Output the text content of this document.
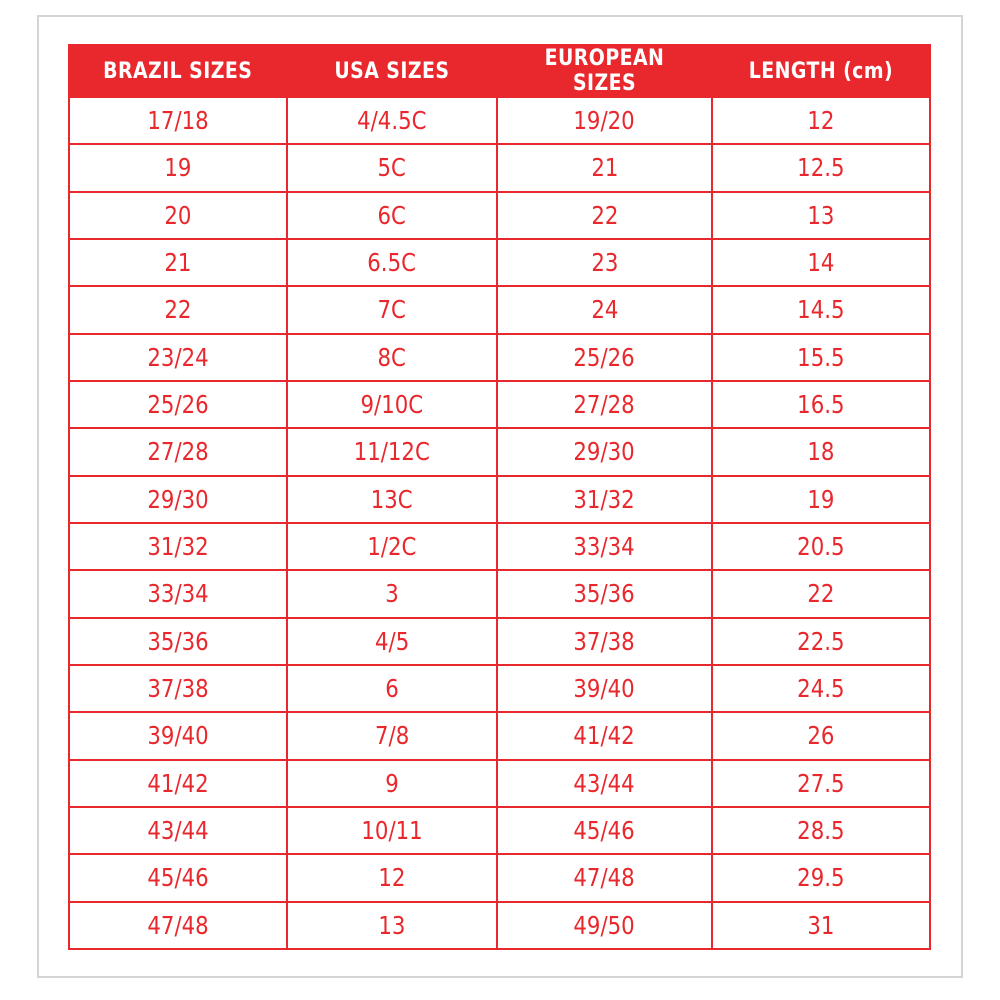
BRAZIL SIZES	USA SIZES	EUROPEAN SIZES	LENGTH (cm)
17/18	4/4.5C	19/20	12
19	5C	21	12.5
20	6C	22	13
21	6.5C	23	14
22	7C	24	14.5
23/24	8C	25/26	15.5
25/26	9/10C	27/28	16.5
27/28	11/12C	29/30	18
29/30	13C	31/32	19
31/32	1/2C	33/34	20.5
33/34	3	35/36	22
35/36	4/5	37/38	22.5
37/38	6	39/40	24.5
39/40	7/8	41/42	26
41/42	9	43/44	27.5
43/44	10/11	45/46	28.5
45/46	12	47/48	29.5
47/48	13	49/50	31
